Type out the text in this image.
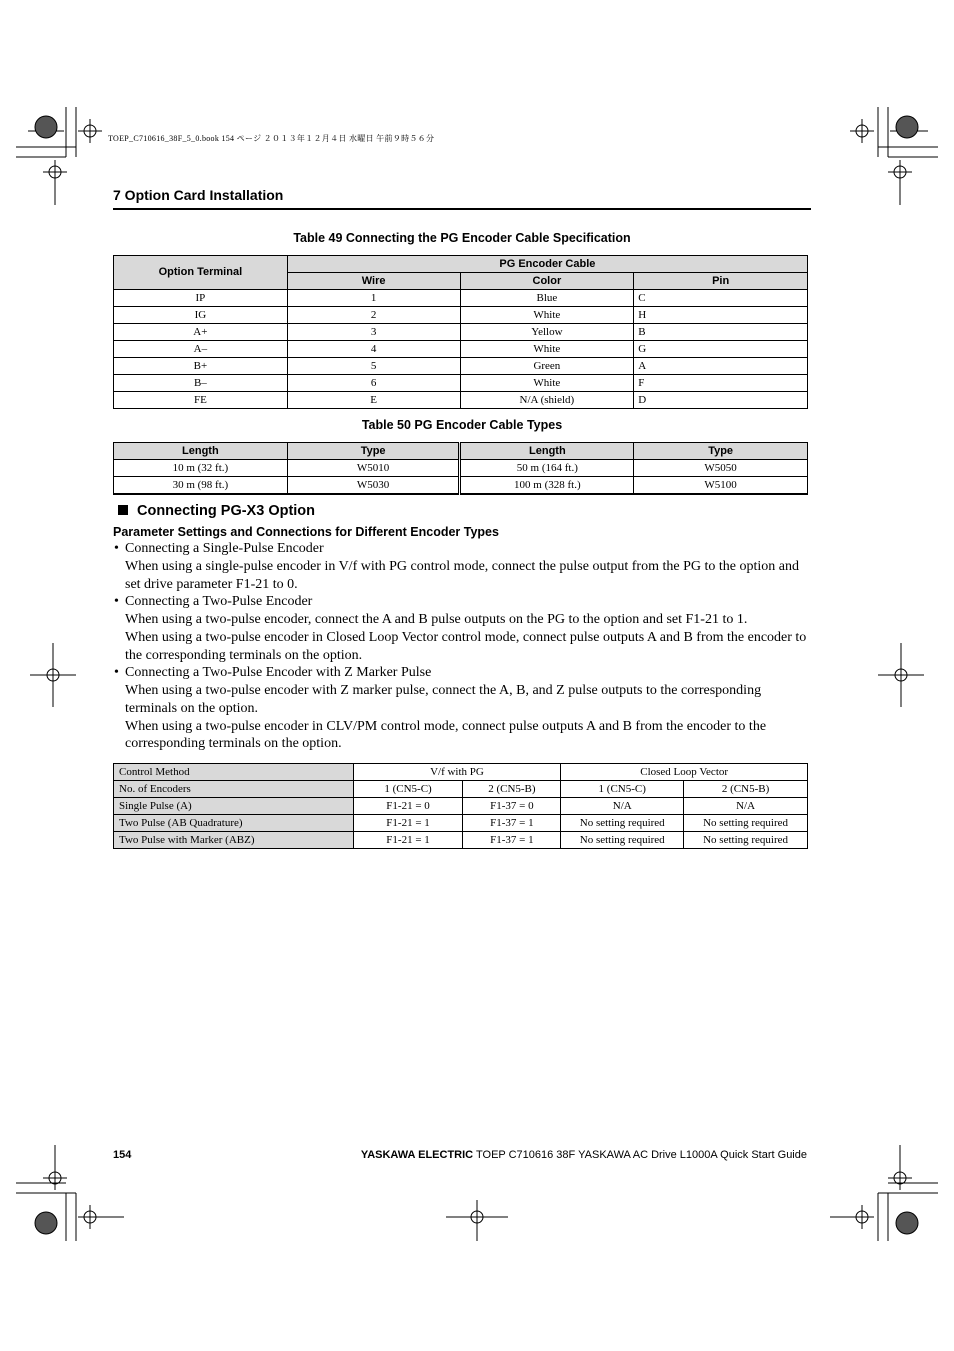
TOEP_C710616_38F_5_0.book 154 ページ ２０１３年１２月４日 水曜日 午前９時５６分
7 Option Card Installation
Table 49 Connecting the PG Encoder Cable Specification
Option Terminal	PG Encoder Cable		
	Wire	Color	Pin
IP	1	Blue	C
IG	2	White	H
A+	3	Yellow	B
A–	4	White	G
B+	5	Green	A
B–	6	White	F
FE	E	N/A (shield)	D
Table 50 PG Encoder Cable Types
Length	Type	Length	Type
10 m (32 ft.)	W5010	50 m (164 ft.)	W5050
30 m (98 ft.)	W5030	100 m (328 ft.)	W5100
Connecting PG-X3 Option
Parameter Settings and Connections for Different Encoder Types
• Connecting a Single-Pulse Encoder
When using a single-pulse encoder in V/f with PG control mode, connect the pulse output from the PG to the option and set drive parameter F1-21 to 0.
• Connecting a Two-Pulse Encoder
When using a two-pulse encoder, connect the A and B pulse outputs on the PG to the option and set F1-21 to 1.
When using a two-pulse encoder in Closed Loop Vector control mode, connect pulse outputs A and B from the encoder to the corresponding terminals on the option.
• Connecting a Two-Pulse Encoder with Z Marker Pulse
When using a two-pulse encoder with Z marker pulse, connect the A, B, and Z pulse outputs to the corresponding terminals on the option.
When using a two-pulse encoder in CLV/PM control mode, connect pulse outputs A and B from the encoder to the corresponding terminals on the option.
Control Method	V/f with PG		Closed Loop Vector	
No. of Encoders	1 (CN5-C)	2 (CN5-B)	1 (CN5-C)	2 (CN5-B)
Single Pulse (A)	F1-21 = 0	F1-37 = 0	N/A	N/A
Two Pulse (AB Quadrature)	F1-21 = 1	F1-37 = 1	No setting required	No setting required
Two Pulse with Marker (ABZ)	F1-21 = 1	F1-37 = 1	No setting required	No setting required
154	YASKAWA ELECTRIC TOEP C710616 38F YASKAWA AC Drive L1000A Quick Start Guide
